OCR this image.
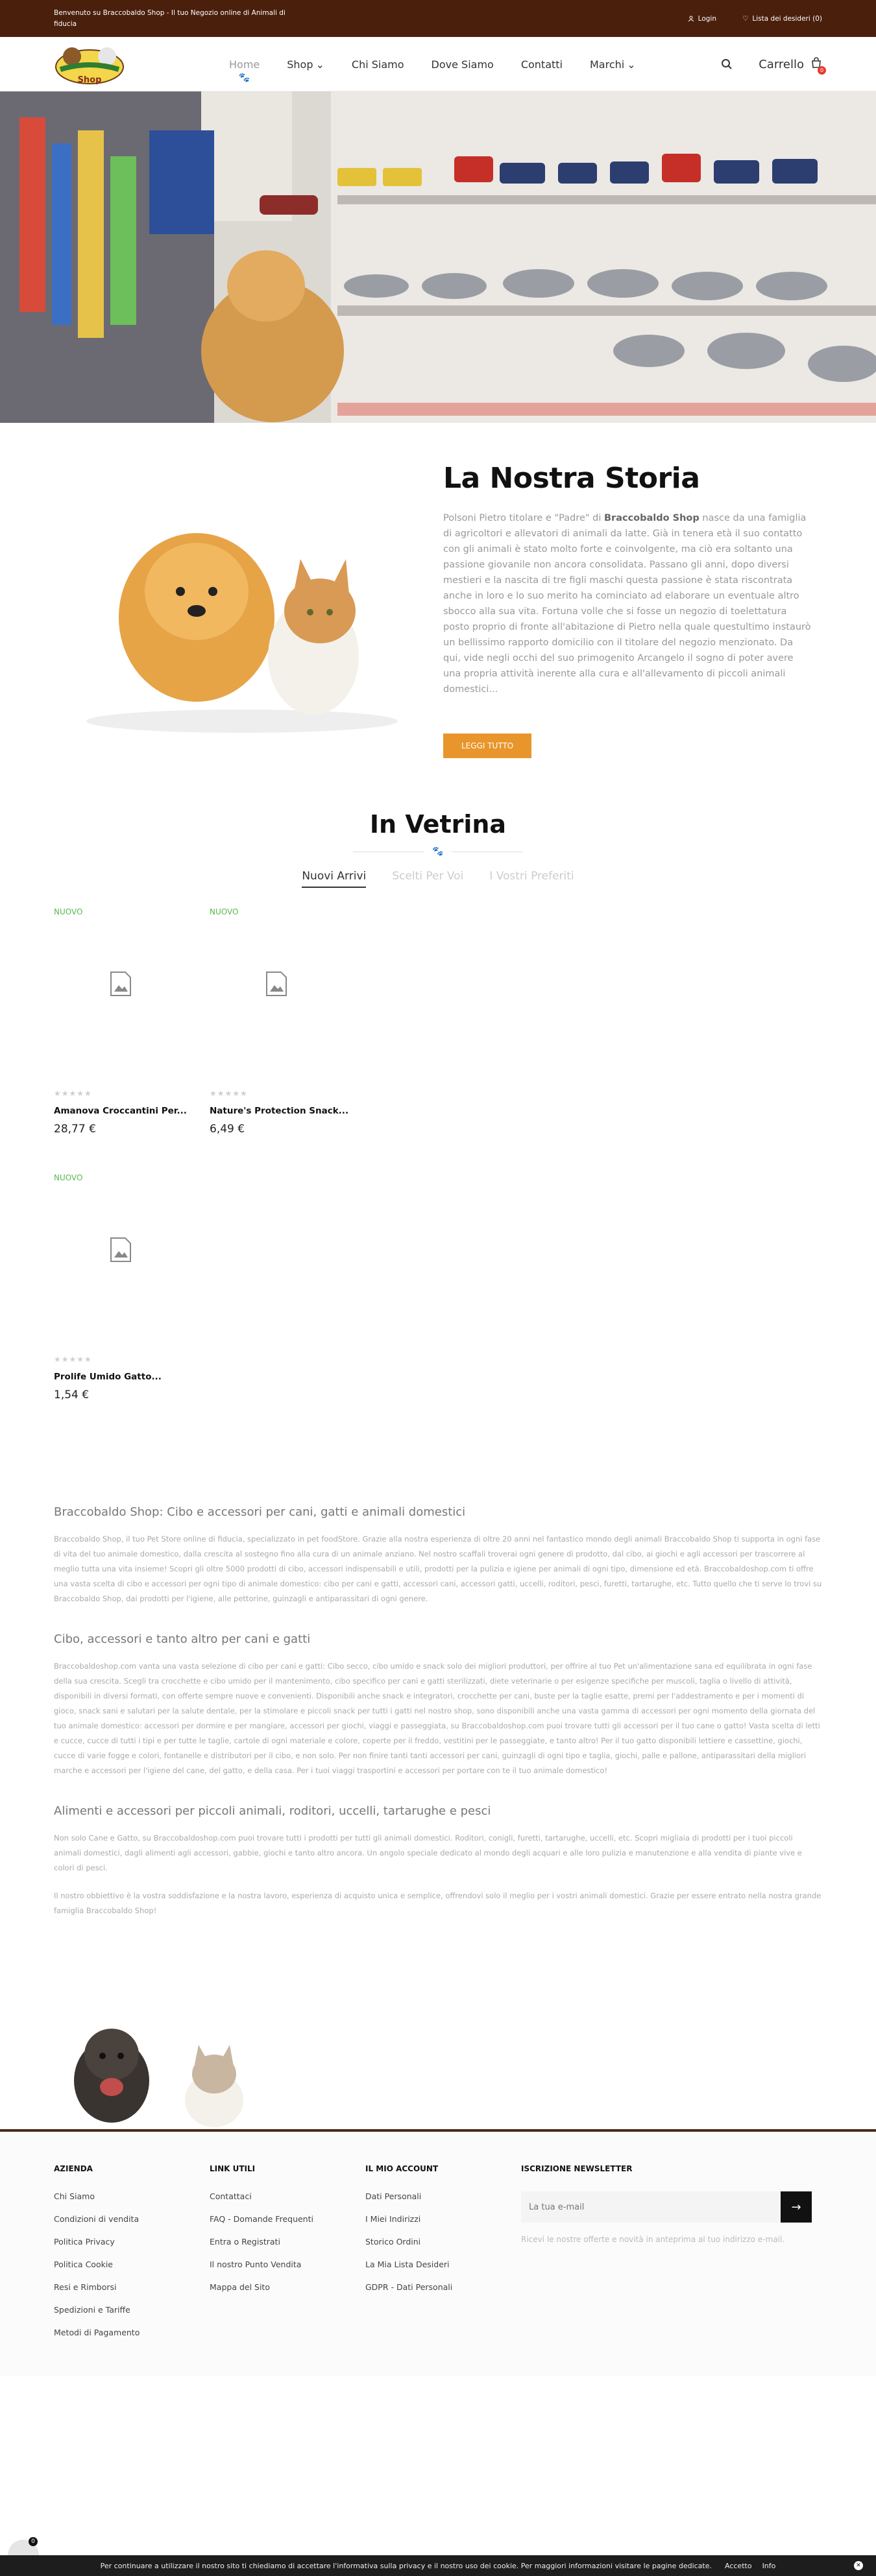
Benvenuto su Braccobaldo Shop - Il tuo Negozio online di Animali di fiducia
Login	♡ Lista dei desideri (0)
Shop
Home
🐾
Shop ⌄	Chi Siamo	Dove Siamo	Contatti	Marchi ⌄	Carrello	0
La Nostra Storia

Polsoni Pietro titolare e "Padre" di Braccobaldo Shop nasce da una famiglia di agricoltori e allevatori di animali da latte. Già in tenera età il suo contatto con gli animali è stato molto forte e coinvolgente, ma ciò era soltanto una passione giovanile non ancora consolidata. Passano gli anni, dopo diversi mestieri e la nascita di tre figli maschi questa passione è stata riscontrata anche in loro e lo suo merito ha cominciato ad elaborare un eventuale altro sbocco alla sua vita. Fortuna volle che si fosse un negozio di toelettatura posto proprio di fronte all'abitazione di Pietro nella quale questultimo instaurò un bellissimo rapporto domicilio con il titolare del negozio menzionato. Da qui, vide negli occhi del suo primogenito Arcangelo il sogno di poter avere una propria attività inerente alla cura e all'allevamento di piccoli animali domestici...

LEGGI TUTTO
In Vetrina
🐾
Nuovi Arrivi Scelti Per Voi I Vostri Preferiti
NUOVO
★★★★★
Amanova Croccantini Per...
28,77 €
NUOVO
★★★★★
Nature's Protection Snack...
6,49 €
NUOVO
★★★★★
Prolife Umido Gatto...
1,54 €
Braccobaldo Shop: Cibo e accessori per cani, gatti e animali domestici

Braccobaldo Shop, il tuo Pet Store online di fiducia, specializzato in pet foodStore. Grazie alla nostra esperienza di oltre 20 anni nel fantastico mondo degli animali Braccobaldo Shop ti supporta in ogni fase di vita del tuo animale domestico, dalla crescita al sostegno fino alla cura di un animale anziano. Nel nostro scaffali troverai ogni genere di prodotto, dal cibo, ai giochi e agli accessori per trascorrere al meglio tutta una vita insieme! Scopri gli oltre 5000 prodotti di cibo, accessori indispensabili e utili, prodotti per la pulizia e igiene per animali di ogni tipo, dimensione ed età. Braccobaldoshop.com ti offre una vasta scelta di cibo e accessori per ogni tipo di animale domestico: cibo per cani e gatti, accessori cani, accessori gatti, uccelli, roditori, pesci, furetti, tartarughe, etc. Tutto quello che ti serve lo trovi su Braccobaldo Shop, dai prodotti per l'igiene, alle pettorine, guinzagli e antiparassitari di ogni genere.

Cibo, accessori e tanto altro per cani e gatti

Braccobaldoshop.com vanta una vasta selezione di cibo per cani e gatti: Cibo secco, cibo umido e snack solo dei migliori produttori, per offrire al tuo Pet un'alimentazione sana ed equilibrata in ogni fase della sua crescita. Scegli tra crocchette e cibo umido per il mantenimento, cibo specifico per cani e gatti sterilizzati, diete veterinarie o per esigenze specifiche per muscoli, taglia o livello di attività, disponibili in diversi formati, con offerte sempre nuove e convenienti. Disponibili anche snack e integratori, crocchette per cani, buste per la taglie esatte, premi per l'addestramento e per i momenti di gioco, snack sani e salutari per la salute dentale, per la stimolare e piccoli snack per tutti i gatti nel nostro shop, sono disponibili anche una vasta gamma di accessori per ogni momento della giornata del tuo animale domestico: accessori per dormire e per mangiare, accessori per giochi, viaggi e passeggiata, su Braccobaldoshop.com puoi trovare tutti gli accessori per il tuo cane o gatto! Vasta scelta di letti e cucce, cucce di tutti i tipi e per tutte le taglie, cartole di ogni materiale e colore, coperte per il freddo, vestitini per le passeggiate, e tanto altro! Per il tuo gatto disponibili lettiere e cassettine, giochi, cucce di varie fogge e colori, fontanelle e distributori per il cibo, e non solo. Per non finire tanti tanti accessori per cani, guinzagli di ogni tipo e taglia, giochi, palle e pallone, antiparassitari della migliori marche e accessori per l'igiene del cane, del gatto, e della casa. Per i tuoi viaggi trasportini e accessori per portare con te il tuo animale domestico!

Alimenti e accessori per piccoli animali, roditori, uccelli, tartarughe e pesci

Non solo Cane e Gatto, su Braccobaldoshop.com puoi trovare tutti i prodotti per tutti gli animali domestici. Roditori, conigli, furetti, tartarughe, uccelli, etc. Scopri migliaia di prodotti per i tuoi piccoli animali domestici, dagli alimenti agli accessori, gabbie, giochi e tanto altro ancora. Un angolo speciale dedicato al mondo degli acquari e alle loro pulizia e manutenzione e alla vendita di piante vive e colori di pesci.

Il nostro obbiettivo è la vostra soddisfazione e la nostra lavoro, esperienza di acquisto unica e semplice, offrendovi solo il meglio per i vostri animali domestici. Grazie per essere entrato nella nostra grande famiglia Braccobaldo Shop!

AZIENDA
Chi Siamo
Condizioni di vendita
Politica Privacy
Politica Cookie
Resi e Rimborsi
Spedizioni e Tariffe
Metodi di Pagamento
LINK UTILI
Contattaci
FAQ - Domande Frequenti
Entra o Registrati
Il nostro Punto Vendita
Mappa del Sito
IL MIO ACCOUNT
Dati Personali
I Miei Indirizzi
Storico Ordini
La Mia Lista Desideri
GDPR - Dati Personali
ISCRIZIONE NEWSLETTER
La tua e-mail
→
Ricevi le nostre offerte e novità in anteprima al tuo indirizzo e-mail.
0
Per continuare a utilizzare il nostro sito ti chiediamo di accettare l'informativa sulla privacy e il nostro uso dei cookie. Per maggiori informazioni visitare le pagine dedicate. Accetto Info	✕
